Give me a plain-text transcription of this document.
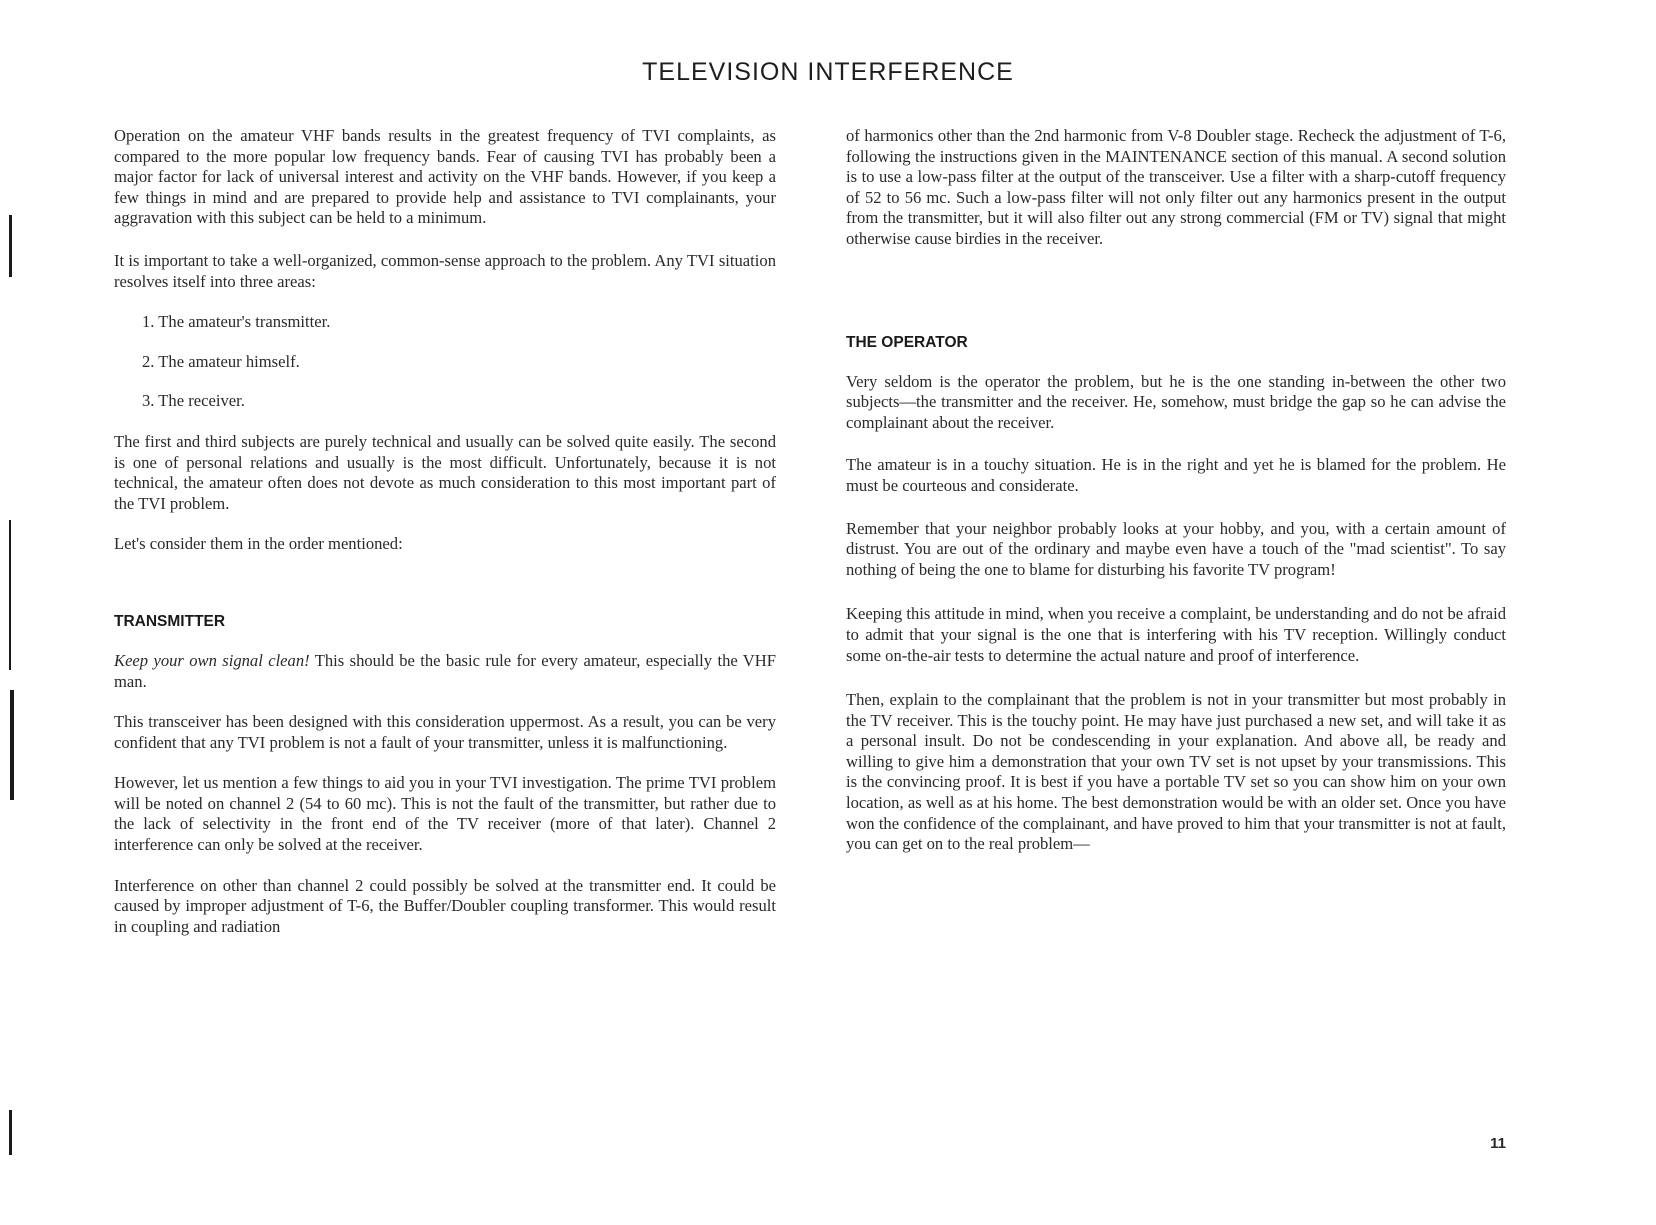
TELEVISION INTERFERENCE

Operation on the amateur VHF bands results in the greatest frequency of TVI complaints, as compared to the more popular low frequency bands. Fear of causing TVI has probably been a major factor for lack of universal interest and activity on the VHF bands. However, if you keep a few things in mind and are prepared to provide help and assistance to TVI complainants, your aggravation with this subject can be held to a minimum.

It is important to take a well-organized, common-sense approach to the problem. Any TVI situation resolves itself into three areas:

1. The amateur's transmitter.

2. The amateur himself.

3. The receiver.

The first and third subjects are purely technical and usually can be solved quite easily. The second is one of personal relations and usually is the most difficult. Unfortunately, because it is not technical, the amateur often does not devote as much consideration to this most important part of the TVI problem.

Let's consider them in the order mentioned:

TRANSMITTER

Keep your own signal clean! This should be the basic rule for every amateur, especially the VHF man.

This transceiver has been designed with this consideration uppermost. As a result, you can be very confident that any TVI problem is not a fault of your transmitter, unless it is malfunctioning.

However, let us mention a few things to aid you in your TVI investigation. The prime TVI problem will be noted on channel 2 (54 to 60 mc). This is not the fault of the transmitter, but rather due to the lack of selectivity in the front end of the TV receiver (more of that later). Channel 2 interference can only be solved at the receiver.

Interference on other than channel 2 could possibly be solved at the transmitter end. It could be caused by improper adjustment of T-6, the Buffer/Doubler coupling transformer. This would result in coupling and radiation

of harmonics other than the 2nd harmonic from V-8 Doubler stage. Recheck the adjustment of T-6, following the instructions given in the MAINTENANCE section of this manual. A second solution is to use a low-pass filter at the output of the transceiver. Use a filter with a sharp-cutoff frequency of 52 to 56 mc. Such a low-pass filter will not only filter out any harmonics present in the output from the transmitter, but it will also filter out any strong commercial (FM or TV) signal that might otherwise cause birdies in the receiver.

THE OPERATOR

Very seldom is the operator the problem, but he is the one standing in-between the other two subjects—the transmitter and the receiver. He, somehow, must bridge the gap so he can advise the complainant about the receiver.

The amateur is in a touchy situation. He is in the right and yet he is blamed for the problem. He must be courteous and considerate.

Remember that your neighbor probably looks at your hobby, and you, with a certain amount of distrust. You are out of the ordinary and maybe even have a touch of the "mad scientist". To say nothing of being the one to blame for disturbing his favorite TV program!

Keeping this attitude in mind, when you receive a complaint, be understanding and do not be afraid to admit that your signal is the one that is interfering with his TV reception. Willingly conduct some on-the-air tests to determine the actual nature and proof of interference.

Then, explain to the complainant that the problem is not in your transmitter but most probably in the TV receiver. This is the touchy point. He may have just purchased a new set, and will take it as a personal insult. Do not be condescending in your explanation. And above all, be ready and willing to give him a demonstration that your own TV set is not upset by your transmissions. This is the convincing proof. It is best if you have a portable TV set so you can show him on your own location, as well as at his home. The best demonstration would be with an older set. Once you have won the confidence of the complainant, and have proved to him that your transmitter is not at fault, you can get on to the real problem—

11
